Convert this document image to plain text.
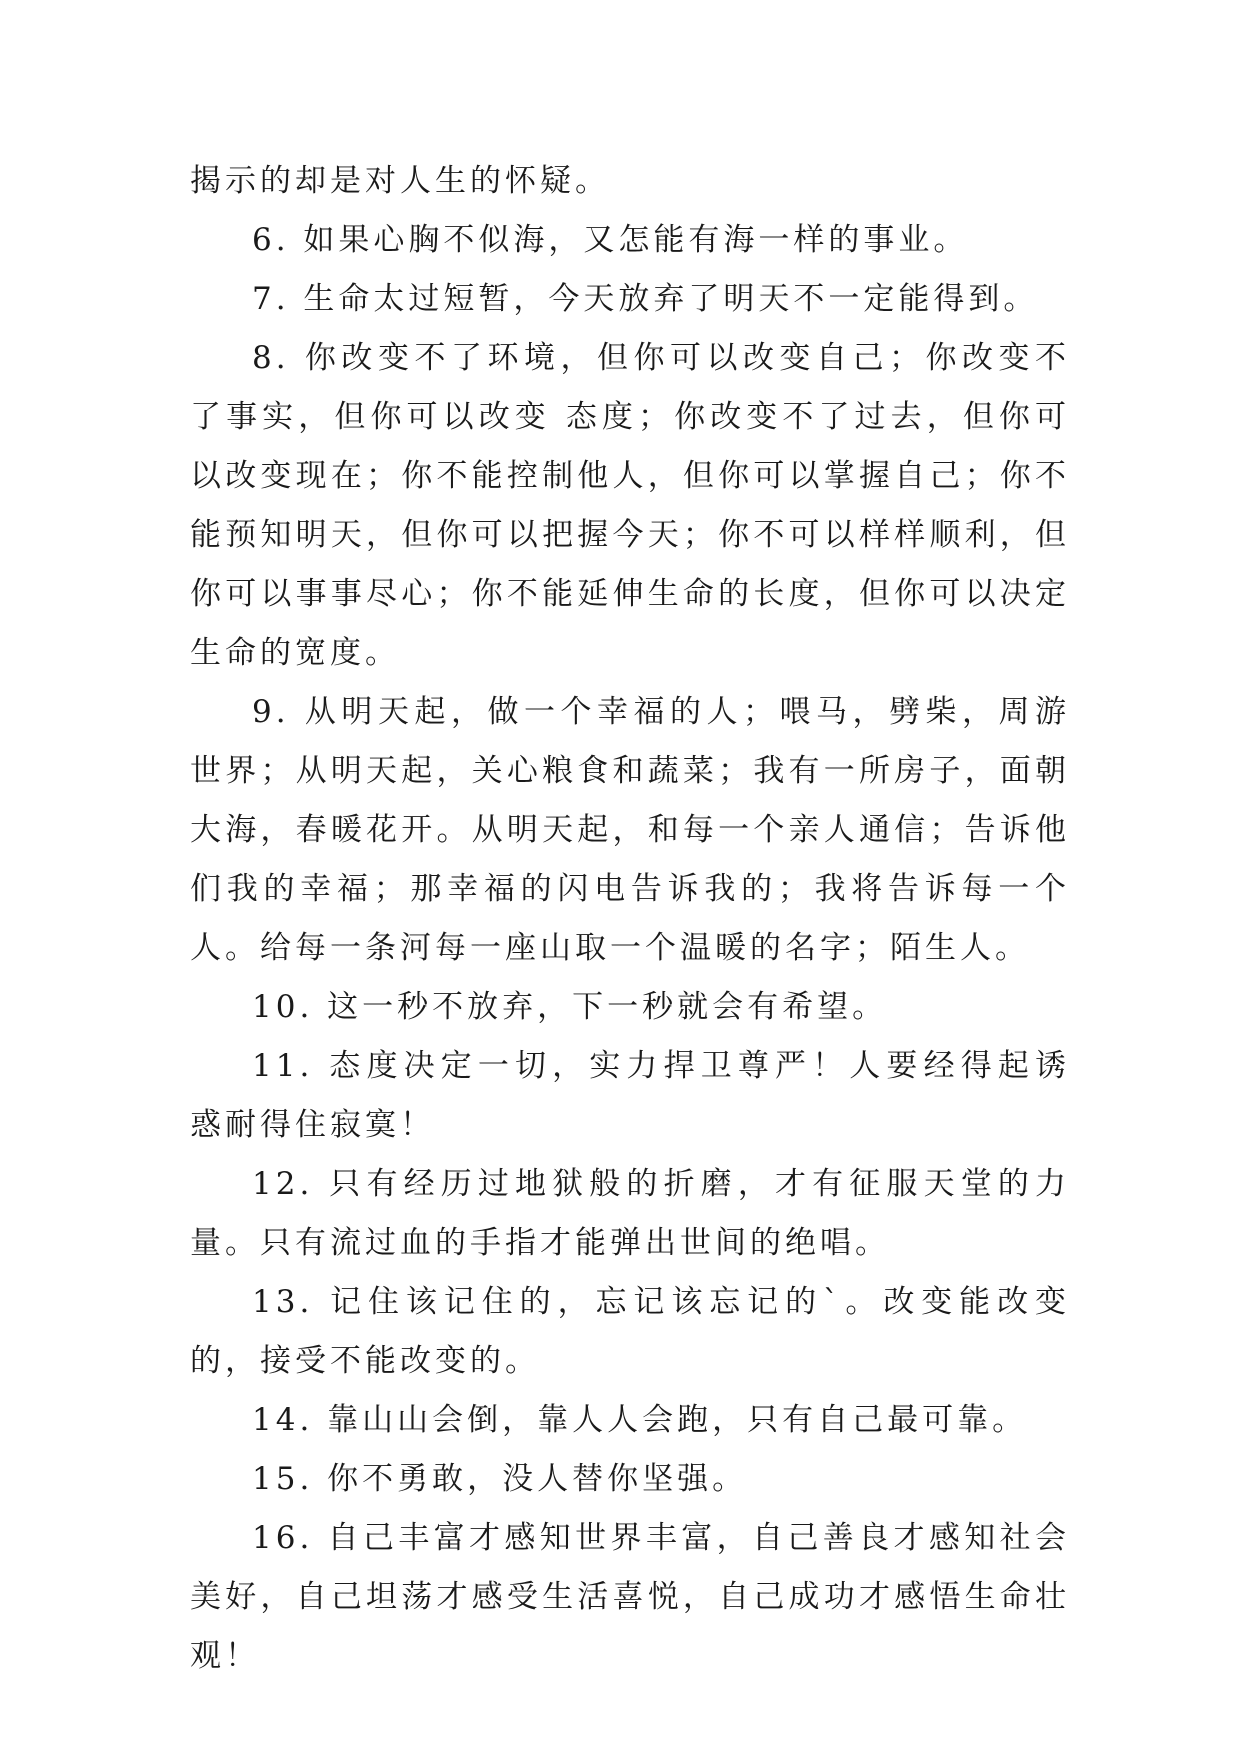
揭示的却是对人生的怀疑。

6. 如果心胸不似海，又怎能有海一样的事业。

7. 生命太过短暂，今天放弃了明天不一定能得到。

8. 你改变不了环境，但你可以改变自己；你改变不了事实，但你可以改变 态度；你改变不了过去，但你可以改变现在；你不能控制他人，但你可以掌握自己；你不能预知明天，但你可以把握今天；你不可以样样顺利，但你可以事事尽心；你不能延伸生命的长度，但你可以决定生命的宽度。

9. 从明天起，做一个幸福的人；喂马，劈柴，周游世界；从明天起，关心粮食和蔬菜；我有一所房子，面朝大海，春暖花开。从明天起，和每一个亲人通信；告诉他们我的幸福；那幸福的闪电告诉我的；我将告诉每一个人。给每一条河每一座山取一个温暖的名字；陌生人。

10. 这一秒不放弃，下一秒就会有希望。

11. 态度决定一切，实力捍卫尊严！人要经得起诱 惑耐得住寂寞！

12. 只有经历过地狱般的折磨，才有征服天堂的力量。只有流过血的手指才能弹出世间的绝唱。

13. 记住该记住的，忘记该忘记的`。改变能改变的，接受不能改变的。

14. 靠山山会倒，靠人人会跑，只有自己最可靠。

15. 你不勇敢，没人替你坚强。

16. 自己丰富才感知世界丰富，自己善良才感知社会美好，自己坦荡才感受生活喜悦，自己成功才感悟生命壮观！
